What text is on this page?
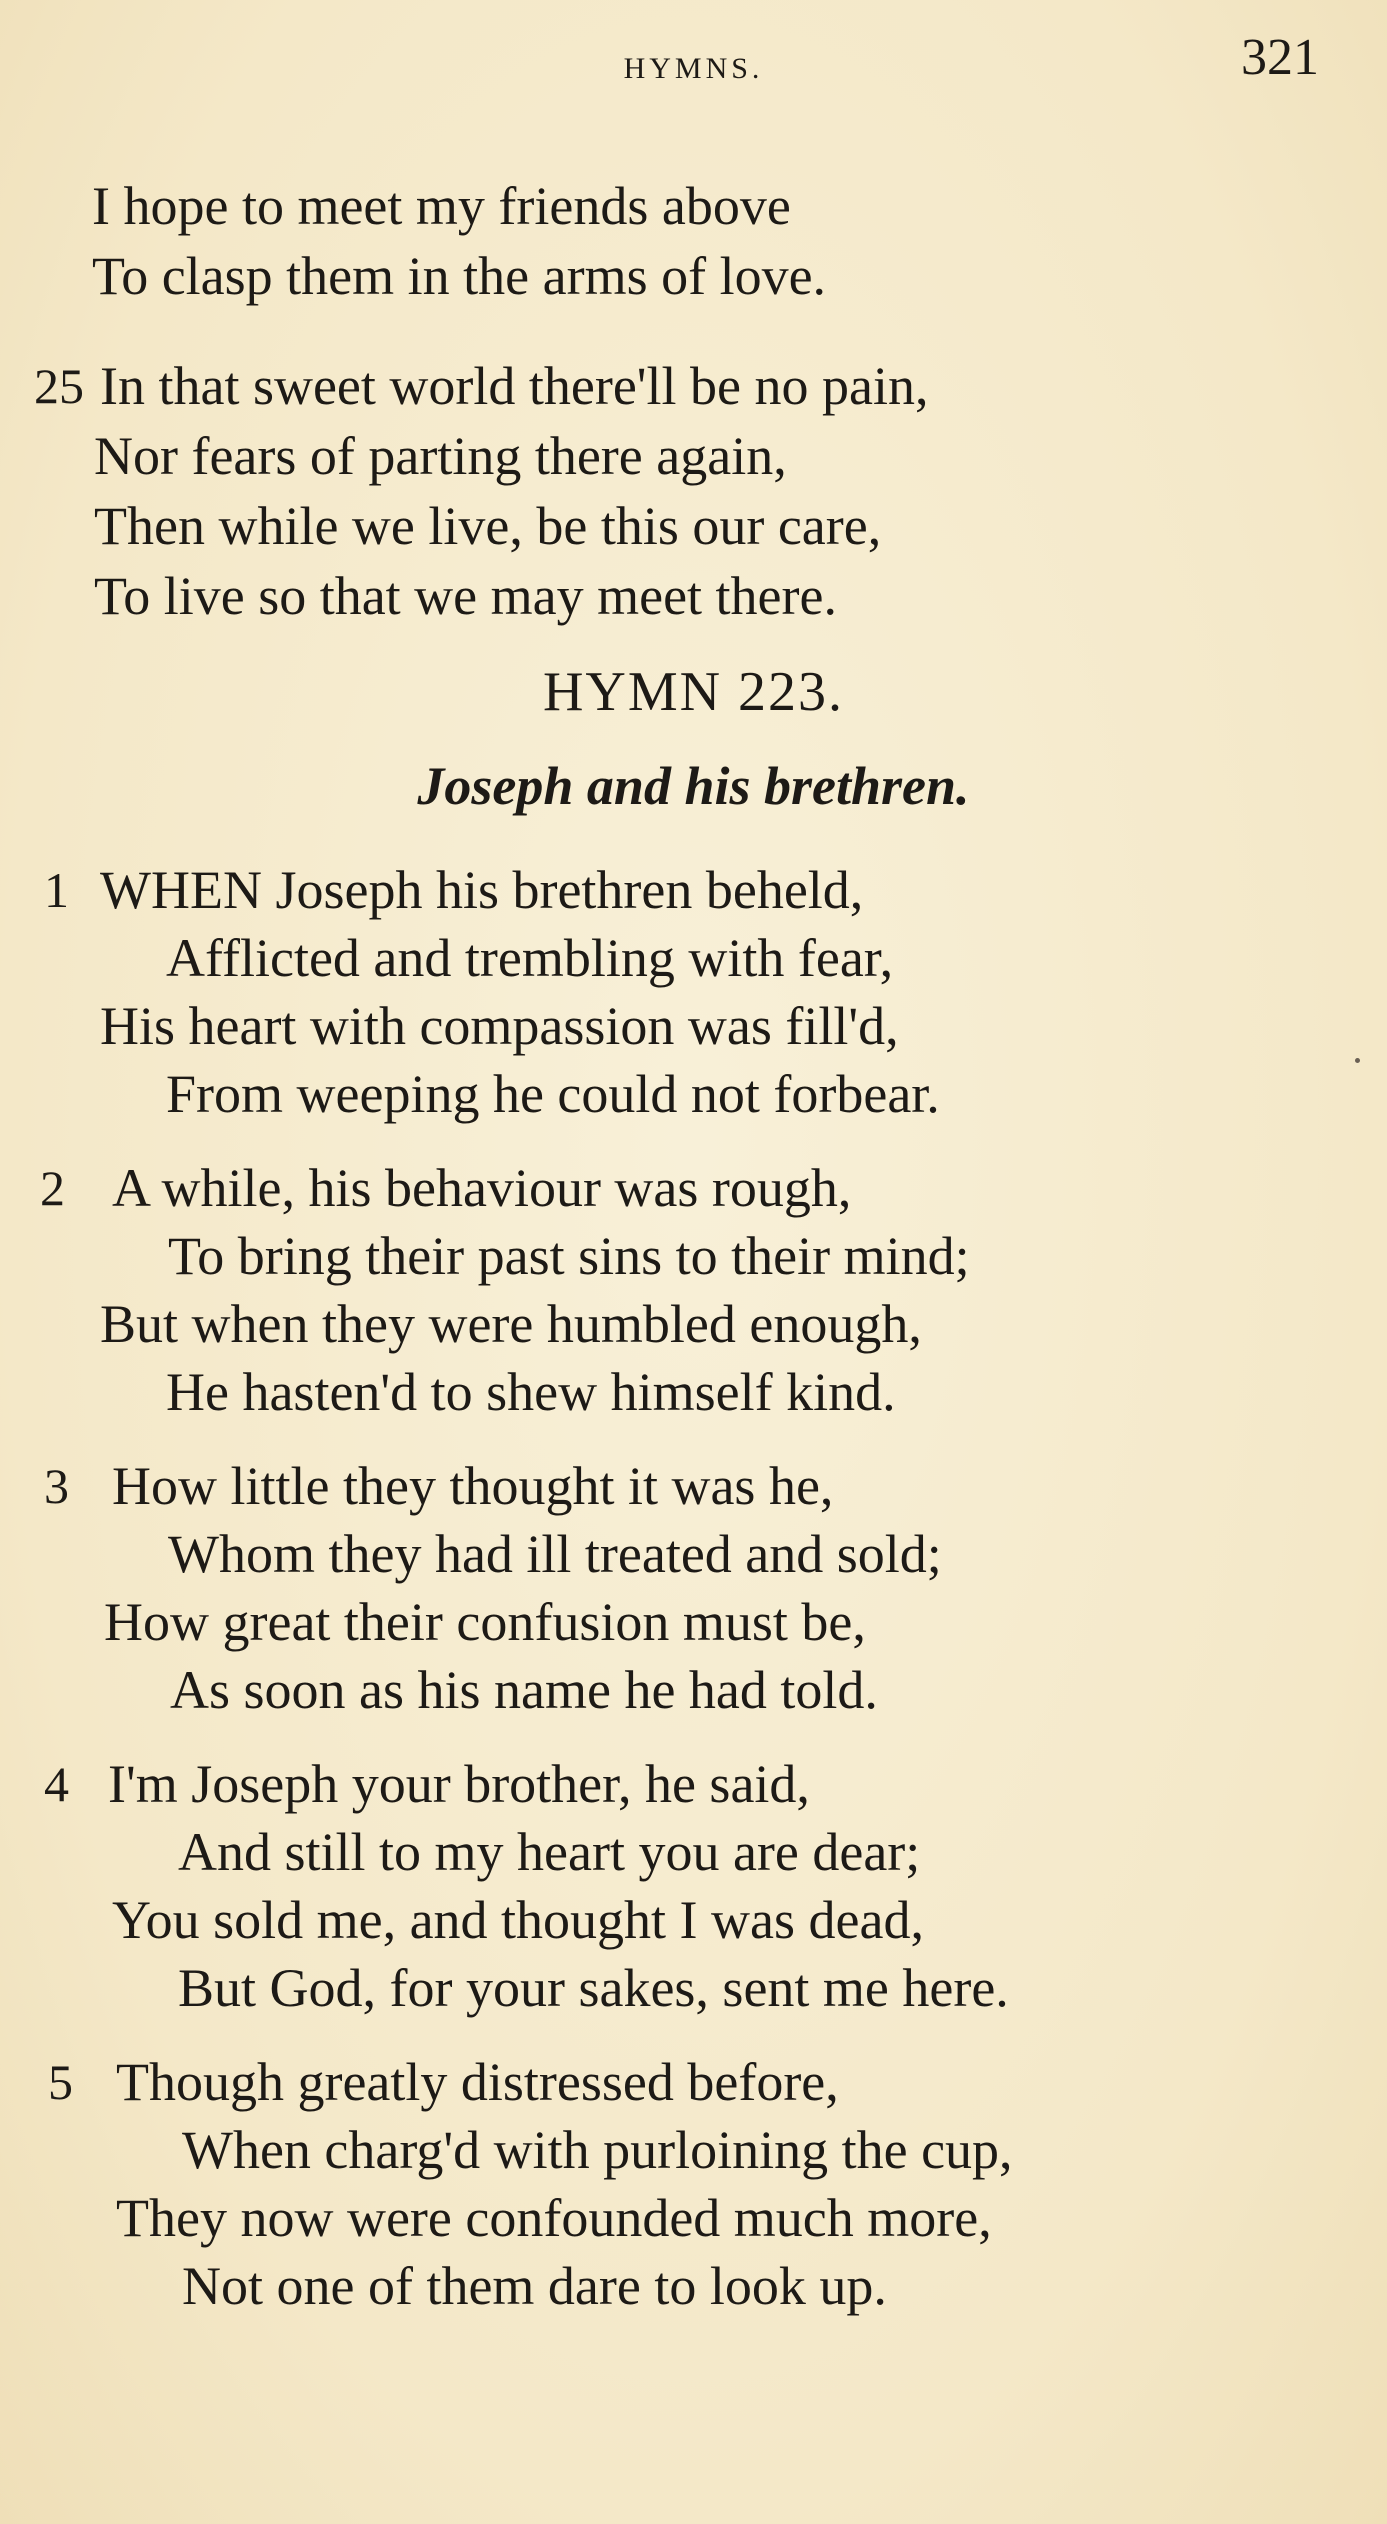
HYMNS.	321
I hope to meet my friends above
To clasp them in the arms of love.
25 In that sweet world there'll be no pain,
Nor fears of parting there again,
Then while we live, be this our care,
To live so that we may meet there.
HYMN 223.
Joseph and his brethren.
1 WHEN Joseph his brethren beheld,
Afflicted and trembling with fear,
His heart with compassion was fill'd,
From weeping he could not forbear.
2 A while, his behaviour was rough,
To bring their past sins to their mind;
But when they were humbled enough,
He hasten'd to shew himself kind.
3 How little they thought it was he,
Whom they had ill treated and sold;
How great their confusion must be,
As soon as his name he had told.
4 I'm Joseph your brother, he said,
And still to my heart you are dear;
You sold me, and thought I was dead,
But God, for your sakes, sent me here.
5 Though greatly distressed before,
When charg'd with purloining the cup,
They now were confounded much more,
Not one of them dare to look up.
